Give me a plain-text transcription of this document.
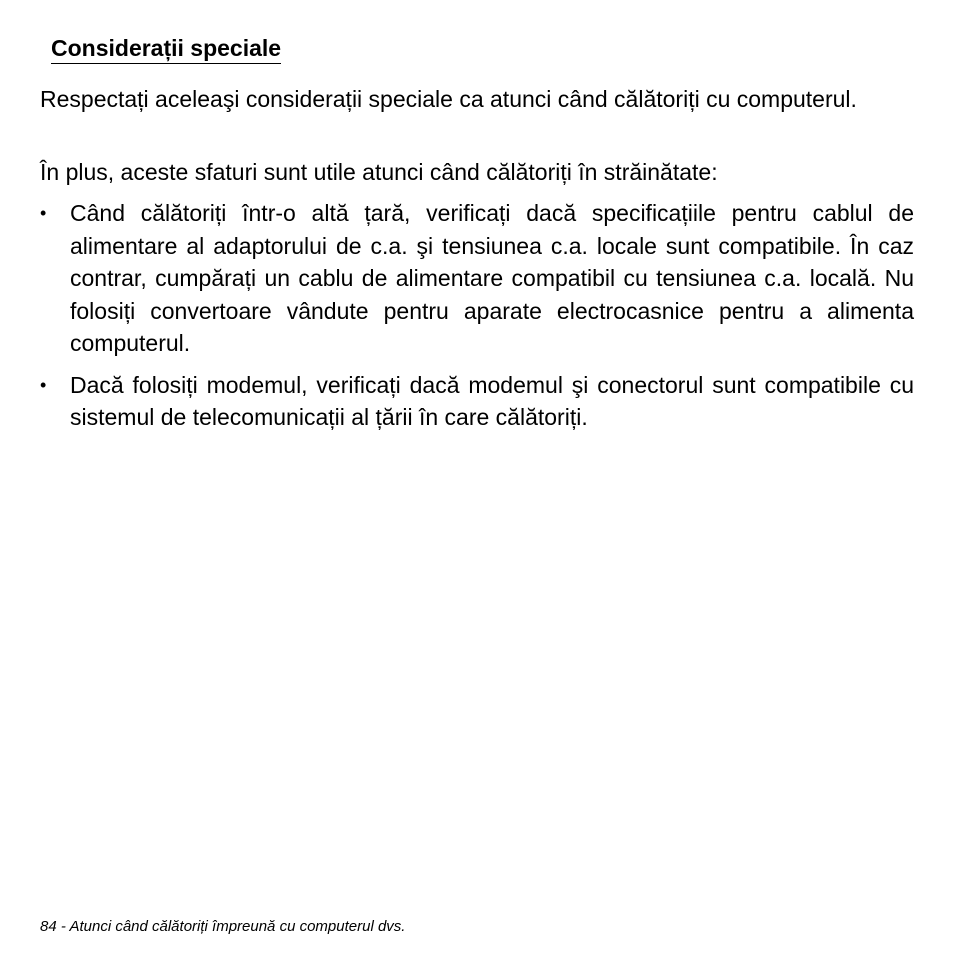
Considerații speciale

Respectați aceleaşi considerații speciale ca atunci când călătoriți cu computerul.

În plus, aceste sfaturi sunt utile atunci când călătoriți în străinătate:

•	Când călătoriți într-o altă țară, verificați dacă specificațiile pentru cablul de alimentare al adaptorului de c.a. şi tensiunea c.a. locale sunt compatibile. În caz contrar, cumpărați un cablu de alimentare compatibil cu tensiunea c.a. locală. Nu folosiți convertoare vândute pentru aparate electrocasnice pentru a alimenta computerul.
•	Dacă folosiți modemul, verificați dacă modemul şi conectorul sunt compatibile cu sistemul de telecomunicații al țării în care călătoriți.
84 - Atunci când călătoriți împreună cu computerul dvs.
